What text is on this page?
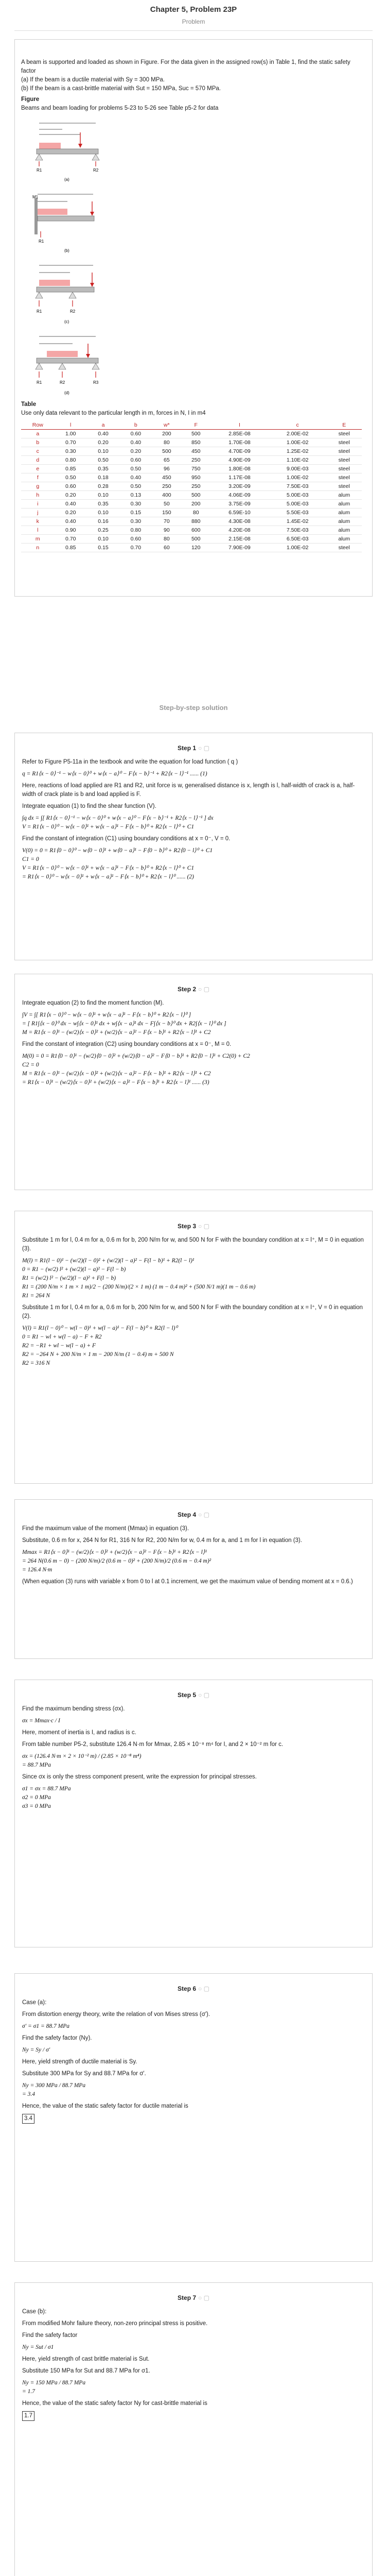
Chapter 5, Problem 23P
Problem

A beam is supported and loaded as shown in Figure. For the data given in the assigned row(s) in Table 1, find the static safety factor

(a) If the beam is a ductile material with Sy = 300 MPa.

(b) If the beam is a cast-brittle material with Sut = 150 MPa, Suc = 570 MPa.

Figure

Beams and beam loading for problems 5-23 to 5-26 see Table p5-2 for data

R1	R2
(a)
M1
R1
(b)
R1	R2
(c)
R1	R2	R3
(d)

Table

Use only data relevant to the particular length in m, forces in N, I in m4

Row	l	a	b	w*	F	I	c	E
a	1.00	0.40	0.60	200	500	2.85E-08	2.00E-02	steel
b	0.70	0.20	0.40	80	850	1.70E-08	1.00E-02	steel
c	0.30	0.10	0.20	500	450	4.70E-09	1.25E-02	steel
d	0.80	0.50	0.60	65	250	4.90E-09	1.10E-02	steel
e	0.85	0.35	0.50	96	750	1.80E-08	9.00E-03	steel
f	0.50	0.18	0.40	450	950	1.17E-08	1.00E-02	steel
g	0.60	0.28	0.50	250	250	3.20E-09	7.50E-03	steel
h	0.20	0.10	0.13	400	500	4.06E-09	5.00E-03	alum
i	0.40	0.35	0.30	50	200	3.75E-09	5.00E-03	alum
j	0.20	0.10	0.15	150	80	6.59E-10	5.50E-03	alum
k	0.40	0.16	0.30	70	880	4.30E-08	1.45E-02	alum
l	0.90	0.25	0.80	90	600	4.20E-08	7.50E-03	alum
m	0.70	0.10	0.60	80	500	2.15E-08	6.50E-03	alum
n	0.85	0.15	0.70	60	120	7.90E-09	1.00E-02	steel
Step-by-step solution
Step 1 ○ ▢

Refer to Figure P5-11a in the textbook and write the equation for load function ( q )

q = R1⟨x − 0⟩⁻¹ − w⟨x − 0⟩⁰ + w⟨x − a⟩⁰ − F⟨x − b⟩⁻¹ + R2⟨x − l⟩⁻¹ ...... (1)

Here, reactions of load applied are R1 and R2, unit force is w, generalised distance is x, length is l, half-width of crack is a, half-width of crack plate is b and load applied is F.

Integrate equation (1) to find the shear function (V).

∫q dx = ∫[ R1⟨x − 0⟩⁻¹ − w⟨x − 0⟩⁰ + w⟨x − a⟩⁰ − F⟨x − b⟩⁻¹ + R2⟨x − l⟩⁻¹ ] dx

V = R1⟨x − 0⟩⁰ − w⟨x − 0⟩¹ + w⟨x − a⟩¹ − F⟨x − b⟩⁰ + R2⟨x − l⟩⁰ + C1

Find the constant of integration (C1) using boundary conditions at x = 0⁻, V = 0.

V(0) = 0 = R1⟨0 − 0⟩⁰ − w⟨0 − 0⟩¹ + w⟨0 − a⟩¹ − F⟨0 − b⟩⁰ + R2⟨0 − l⟩⁰ + C1

C1 = 0

V = R1⟨x − 0⟩⁰ − w⟨x − 0⟩¹ + w⟨x − a⟩¹ − F⟨x − b⟩⁰ + R2⟨x − l⟩⁰ + C1

= R1⟨x − 0⟩⁰ − w⟨x − 0⟩¹ + w⟨x − a⟩¹ − F⟨x − b⟩⁰ + R2⟨x − l⟩⁰ ...... (2)

Step 2 ○ ▢

Integrate equation (2) to find the moment function (M).

∫V = ∫[ R1⟨x − 0⟩⁰ − w⟨x − 0⟩¹ + w⟨x − a⟩¹ − F⟨x − b⟩⁰ + R2⟨x − l⟩⁰ ]

= [ R1∫⟨x − 0⟩⁰ dx − w∫⟨x − 0⟩¹ dx + w∫⟨x − a⟩¹ dx − F∫⟨x − b⟩⁰ dx + R2∫⟨x − l⟩⁰ dx ]

M = R1⟨x − 0⟩¹ − (w/2)⟨x − 0⟩² + (w/2)⟨x − a⟩² − F⟨x − b⟩¹ + R2⟨x − l⟩¹ + C2

Find the constant of integration (C2) using boundary conditions at x = 0⁻, M = 0.

M(0) = 0 = R1⟨0 − 0⟩¹ − (w/2)⟨0 − 0⟩² + (w/2)⟨0 − a⟩² − F⟨0 − b⟩¹ + R2⟨0 − l⟩¹ + C2(0) + C2

C2 = 0

M = R1⟨x − 0⟩¹ − (w/2)⟨x − 0⟩² + (w/2)⟨x − a⟩² − F⟨x − b⟩¹ + R2⟨x − l⟩¹ + C2

= R1⟨x − 0⟩¹ − (w/2)⟨x − 0⟩² + (w/2)⟨x − a⟩² − F⟨x − b⟩¹ + R2⟨x − l⟩¹ ...... (3)

Step 3 ○ ▢

Substitute 1 m for l, 0.4 m for a, 0.6 m for b, 200 N/m for w, and 500 N for F with the boundary condition at x = l⁺, M = 0 in equation (3).

M(l) = R1(l − 0)¹ − (w/2)(l − 0)² + (w/2)(l − a)² − F(l − b)¹ + R2(l − l)¹

0 = R1 − (w/2) l² + (w/2)(l − a)² − F(l − b)

R1 = (w/2) l² − (w/2)(l − a)² + F(l − b)

R1 = (200 N/m × 1 m × 1 m)/2 − (200 N/m)/(2 × 1 m) (1 m − 0.4 m)² + (500 N/1 m)(1 m − 0.6 m)

R1 = 264 N

Substitute 1 m for l, 0.4 m for a, 0.6 m for b, 200 N/m for w, and 500 N for F with the boundary condition at x = l⁺, V = 0 in equation (2).

V(l) = R1(l − 0)⁰ − w(l − 0)¹ + w(l − a)¹ − F(l − b)⁰ + R2(l − l)⁰

0 = R1 − wl + w(l − a) − F + R2

R2 = −R1 + wl − w(l − a) + F

R2 = −264 N + 200 N/m × 1 m − 200 N/m (1 − 0.4) m + 500 N

R2 = 316 N

Step 4 ○ ▢

Find the maximum value of the moment (Mmax) in equation (3).

Substitute, 0.6 m for x, 264 N for R1, 316 N for R2, 200 N/m for w, 0.4 m for a, and 1 m for l in equation (3).

Mmax = R1⟨x − 0⟩¹ − (w/2)⟨x − 0⟩² + (w/2)⟨x − a⟩² − F⟨x − b⟩¹ + R2⟨x − l⟩¹

= 264 N(0.6 m − 0) − (200 N/m)/2 (0.6 m − 0)² + (200 N/m)/2 (0.6 m − 0.4 m)²

= 126.4 N·m

(When equation (3) runs with variable x from 0 to l at 0.1 increment, we get the maximum value of bending moment at x = 0.6.)

Step 5 ○ ▢

Find the maximum bending stress (σx).

σx = Mmax·c / I

Here, moment of inertia is I, and radius is c.

From table number P5-2, substitute 126.4 N·m for Mmax, 2.85 × 10⁻⁸ m⁴ for I, and 2 × 10⁻² m for c.

σx = (126.4 N·m × 2 × 10⁻² m) / (2.85 × 10⁻⁸ m⁴)

= 88.7 MPa

Since σx is only the stress component present, write the expression for principal stresses.

σ1 = σx = 88.7 MPa

σ2 = 0 MPa

σ3 = 0 MPa

Step 6 ○ ▢

Case (a):

From distortion energy theory, write the relation of von Mises stress (σ′).

σ′ = σ1 = 88.7 MPa

Find the safety factor (Ny).

Ny = Sy / σ′

Here, yield strength of ductile material is Sy.

Substitute 300 MPa for Sy and 88.7 MPa for σ′.

Ny = 300 MPa / 88.7 MPa

= 3.4

Hence, the value of the static safety factor for ductile material is

3.4

Step 7 ○ ▢

Case (b):

From modified Mohr failure theory, non-zero principal stress is positive.

Find the safety factor

Ny = Sut / σ1

Here, yield strength of cast brittle material is Sut.

Substitute 150 MPa for Sut and 88.7 MPa for σ1.

Ny = 150 MPa / 88.7 MPa

= 1.7

Hence, the value of the static safety factor Ny for cast-brittle material is

1.7
